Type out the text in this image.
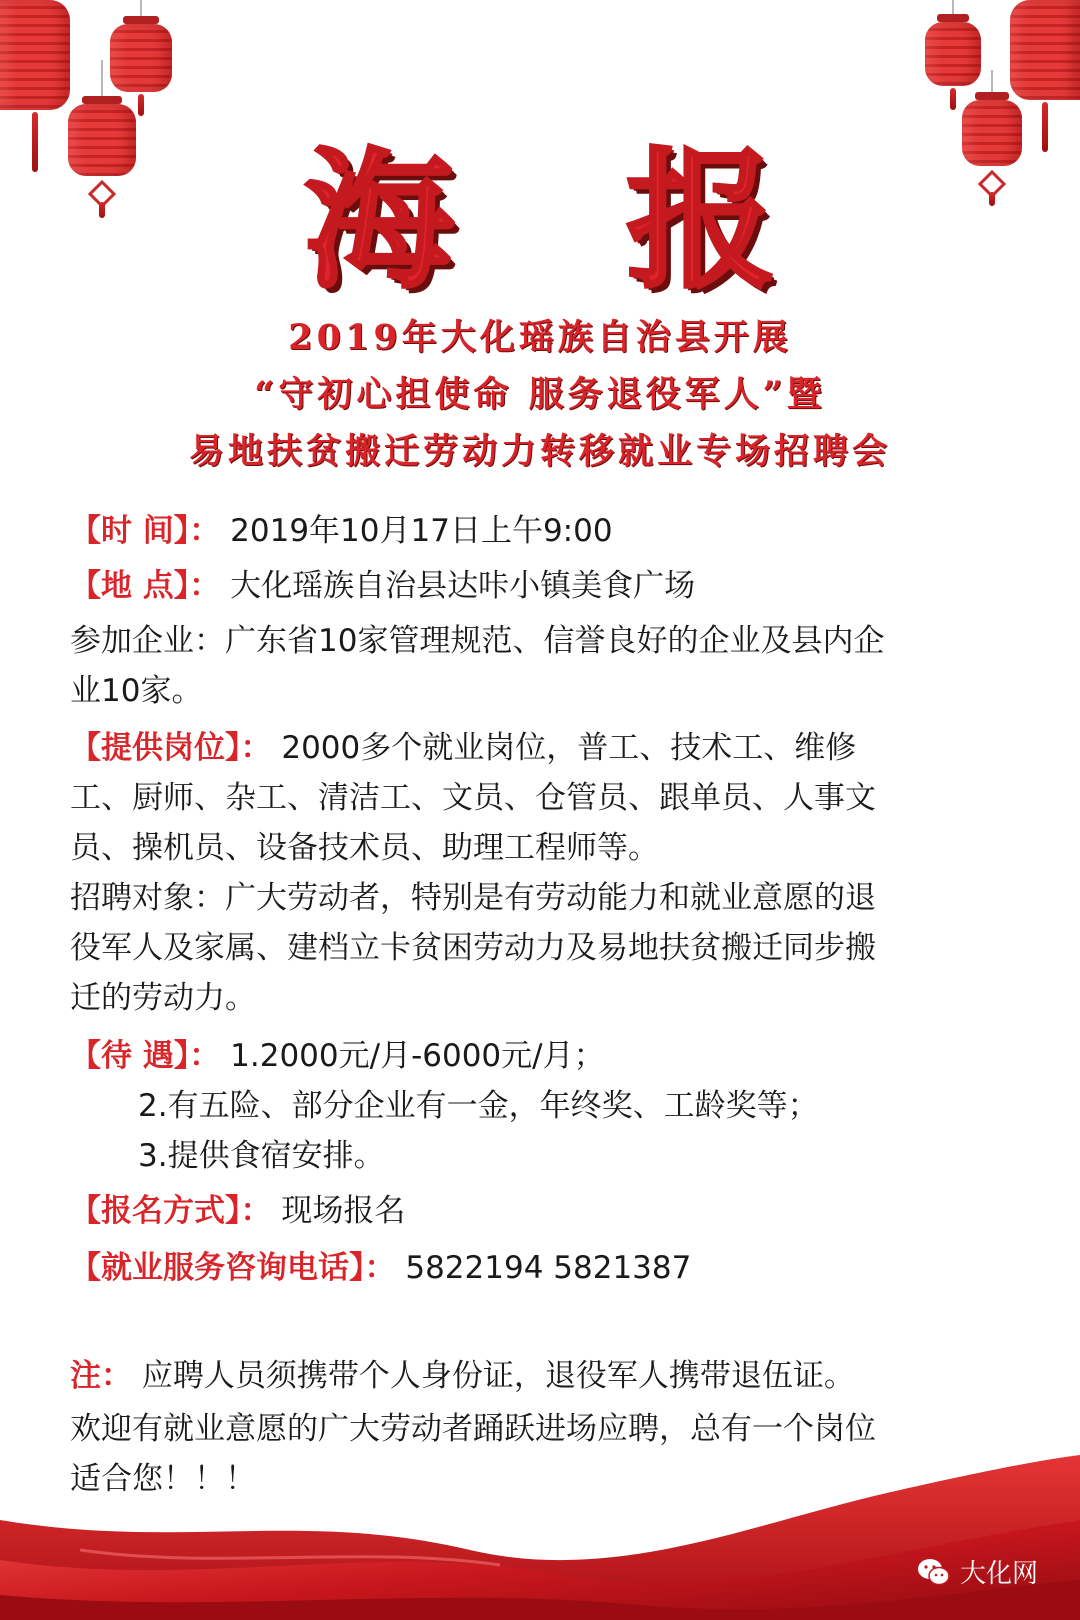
海 报
2019年大化瑶族自治县开展
“守初心担使命 服务退役军人”暨
易地扶贫搬迁劳动力转移就业专场招聘会
【时 间】： 2019年10月17日上午9:00
【地 点】： 大化瑶族自治县达咔小镇美食广场
参加企业：广东省10家管理规范、信誉良好的企业及县内企
业10家。
【提供岗位】： 2000多个就业岗位，普工、技术工、维修
工、厨师、杂工、清洁工、文员、仓管员、跟单员、人事文
员、操机员、设备技术员、助理工程师等。
招聘对象：广大劳动者，特别是有劳动能力和就业意愿的退
役军人及家属、建档立卡贫困劳动力及易地扶贫搬迁同步搬
迁的劳动力。
【待 遇】： 1.2000元/月-6000元/月；
2.有五险、部分企业有一金，年终奖、工龄奖等；
3.提供食宿安排。
【报名方式】： 现场报名
【就业服务咨询电话】： 5822194 5821387
注： 应聘人员须携带个人身份证，退役军人携带退伍证。
欢迎有就业意愿的广大劳动者踊跃进场应聘，总有一个岗位
适合您！！！
大化网
